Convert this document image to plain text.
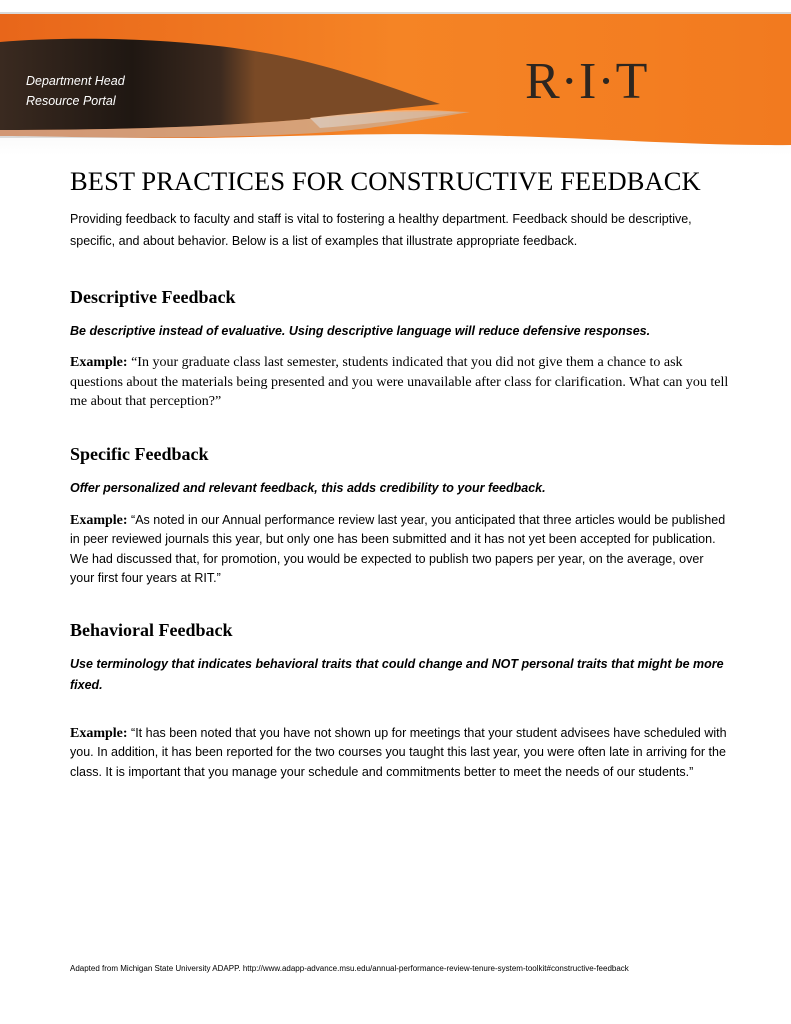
Department Head
Resource Portal	R·I·T
BEST PRACTICES FOR CONSTRUCTIVE FEEDBACK

Providing feedback to faculty and staff is vital to fostering a healthy department. Feedback should be descriptive, specific, and about behavior. Below is a list of examples that illustrate appropriate feedback.

Descriptive Feedback

Be descriptive instead of evaluative. Using descriptive language will reduce defensive responses.

Example: “In your graduate class last semester, students indicated that you did not give them a chance to ask questions about the materials being presented and you were unavailable after class for clarification. What can you tell me about that perception?”

Specific Feedback

Offer personalized and relevant feedback, this adds credibility to your feedback.

Example: “As noted in our Annual performance review last year, you anticipated that three articles would be published in peer reviewed journals this year, but only one has been submitted and it has not yet been accepted for publication. We had discussed that, for promotion, you would be expected to publish two papers per year, on the average, over your first four years at RIT.”

Behavioral Feedback

Use terminology that indicates behavioral traits that could change and NOT personal traits that might be more fixed.

Example: “It has been noted that you have not shown up for meetings that your student advisees have scheduled with you. In addition, it has been reported for the two courses you taught this last year, you were often late in arriving for the class. It is important that you manage your schedule and commitments better to meet the needs of our students.”

Adapted from Michigan State University ADAPP. http://www.adapp-advance.msu.edu/annual-performance-review-tenure-system-toolkit#constructive-feedback
